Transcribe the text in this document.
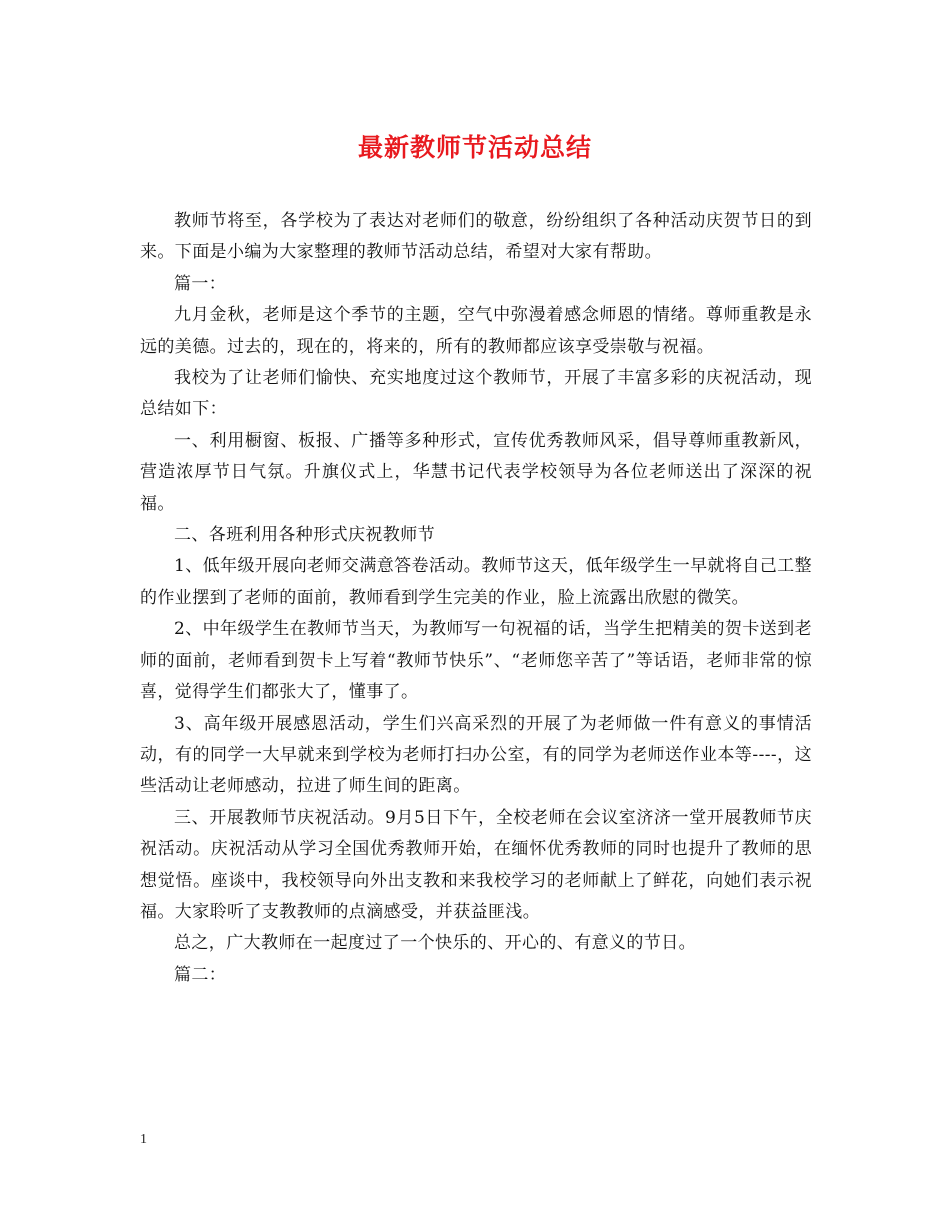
最新教师节活动总结

教师节将至，各学校为了表达对老师们的敬意，纷纷组织了各种活动庆贺节日的到来。下面是小编为大家整理的教师节活动总结，希望对大家有帮助。

篇一：

九月金秋，老师是这个季节的主题，空气中弥漫着感念师恩的情绪。尊师重教是永远的美德。过去的，现在的，将来的，所有的教师都应该享受崇敬与祝福。

我校为了让老师们愉快、充实地度过这个教师节，开展了丰富多彩的庆祝活动，现总结如下：

一、利用橱窗、板报、广播等多种形式，宣传优秀教师风采，倡导尊师重教新风，营造浓厚节日气氛。升旗仪式上，华慧书记代表学校领导为各位老师送出了深深的祝福。

二、各班利用各种形式庆祝教师节

1、低年级开展向老师交满意答卷活动。教师节这天，低年级学生一早就将自己工整的作业摆到了老师的面前，教师看到学生完美的作业，脸上流露出欣慰的微笑。

2、中年级学生在教师节当天，为教师写一句祝福的话，当学生把精美的贺卡送到老师的面前，老师看到贺卡上写着“教师节快乐”、“老师您辛苦了”等话语，老师非常的惊喜，觉得学生们都张大了，懂事了。

3、高年级开展感恩活动，学生们兴高采烈的开展了为老师做一件有意义的事情活动，有的同学一大早就来到学校为老师打扫办公室，有的同学为老师送作业本等----，这些活动让老师感动，拉进了师生间的距离。

三、开展教师节庆祝活动。9月5日下午，全校老师在会议室济济一堂开展教师节庆祝活动。庆祝活动从学习全国优秀教师开始，在缅怀优秀教师的同时也提升了教师的思想觉悟。座谈中，我校领导向外出支教和来我校学习的老师献上了鲜花，向她们表示祝福。大家聆听了支教教师的点滴感受，并获益匪浅。

总之，广大教师在一起度过了一个快乐的、开心的、有意义的节日。

篇二：

1
